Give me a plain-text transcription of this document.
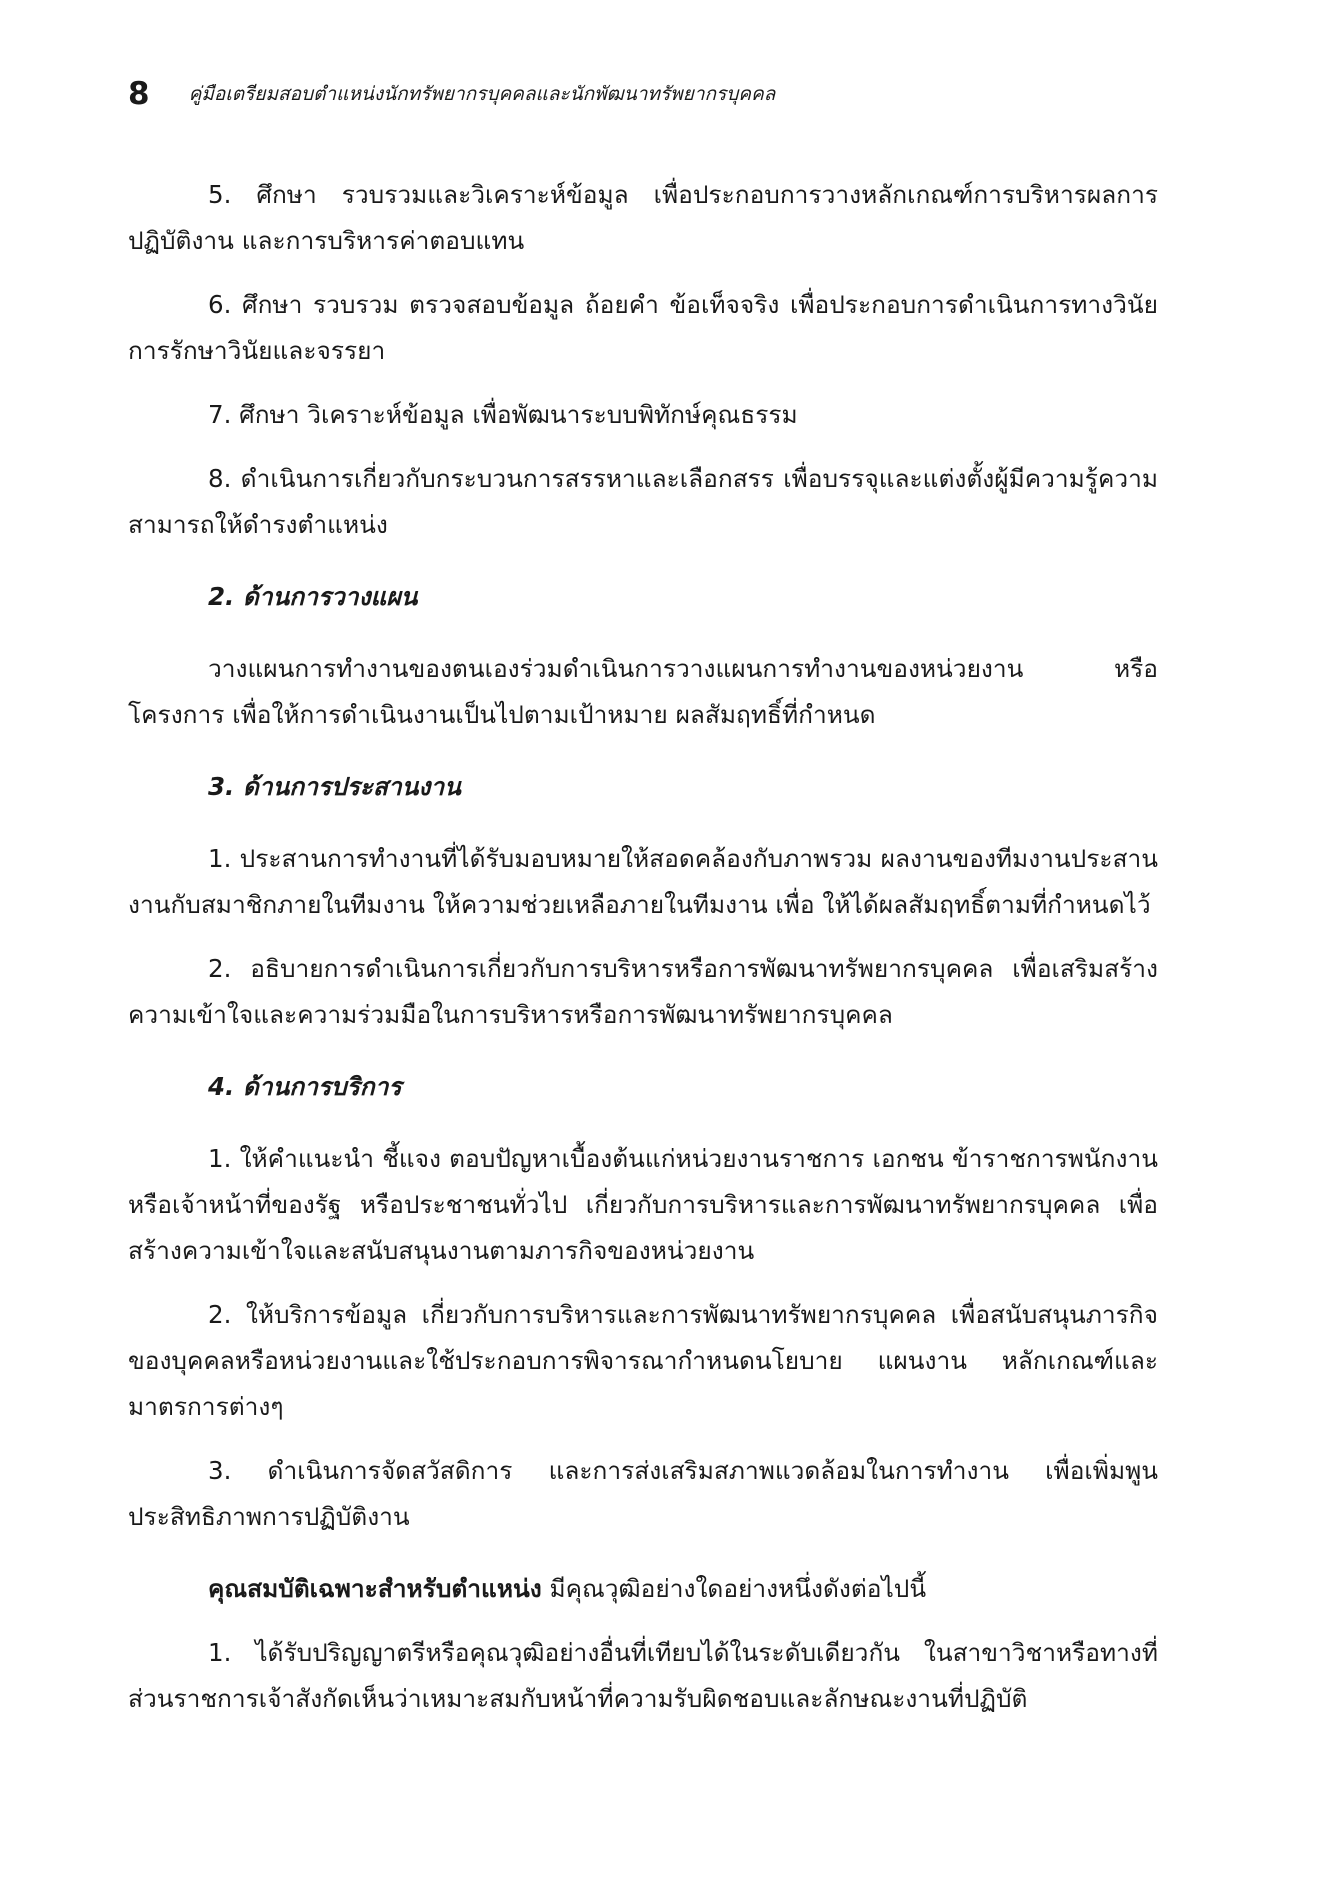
8 คู่มือเตรียมสอบตำแหน่งนักทรัพยากรบุคคลและนักพัฒนาทรัพยากรบุคคล

5. ศึกษา รวบรวมและวิเคราะห์ข้อมูล เพื่อประกอบการวางหลักเกณฑ์การบริหารผลการปฏิบัติงาน และการบริหารค่าตอบแทน

6. ศึกษา รวบรวม ตรวจสอบข้อมูล ถ้อยคำ ข้อเท็จจริง เพื่อประกอบการดำเนินการทางวินัย การรักษาวินัยและจรรยา

7. ศึกษา วิเคราะห์ข้อมูล เพื่อพัฒนาระบบพิทักษ์คุณธรรม

8. ดำเนินการเกี่ยวกับกระบวนการสรรหาและเลือกสรร เพื่อบรรจุและแต่งตั้งผู้มีความรู้ความสามารถให้ดำรงตำแหน่ง

2. ด้านการวางแผน

วางแผนการทำงานของตนเองร่วมดำเนินการวางแผนการทำงานของหน่วยงาน หรือโครงการ เพื่อให้การดำเนินงานเป็นไปตามเป้าหมาย ผลสัมฤทธิ์ที่กำหนด

3. ด้านการประสานงาน

1. ประสานการทำงานที่ได้รับมอบหมายให้สอดคล้องกับภาพรวม ผลงานของทีมงานประสานงานกับสมาชิกภายในทีมงาน ให้ความช่วยเหลือภายในทีมงาน เพื่อ ให้ได้ผลสัมฤทธิ์ตามที่กำหนดไว้

2. อธิบายการดำเนินการเกี่ยวกับการบริหารหรือการพัฒนาทรัพยากรบุคคล เพื่อเสริมสร้างความเข้าใจและความร่วมมือในการบริหารหรือการพัฒนาทรัพยากรบุคคล

4. ด้านการบริการ

1. ให้คำแนะนำ ชี้แจง ตอบปัญหาเบื้องต้นแก่หน่วยงานราชการ เอกชน ข้าราชการพนักงานหรือเจ้าหน้าที่ของรัฐ หรือประชาชนทั่วไป เกี่ยวกับการบริหารและการพัฒนาทรัพยากรบุคคล เพื่อสร้างความเข้าใจและสนับสนุนงานตามภารกิจของหน่วยงาน

2. ให้บริการข้อมูล เกี่ยวกับการบริหารและการพัฒนาทรัพยากรบุคคล เพื่อสนับสนุนภารกิจของบุคคลหรือหน่วยงานและใช้ประกอบการพิจารณากำหนดนโยบาย แผนงาน หลักเกณฑ์และมาตรการต่างๆ

3. ดำเนินการจัดสวัสดิการ และการส่งเสริมสภาพแวดล้อมในการทำงาน เพื่อเพิ่มพูนประสิทธิภาพการปฏิบัติงาน

คุณสมบัติเฉพาะสำหรับตำแหน่ง มีคุณวุฒิอย่างใดอย่างหนึ่งดังต่อไปนี้

1. ได้รับปริญญาตรีหรือคุณวุฒิอย่างอื่นที่เทียบได้ในระดับเดียวกัน ในสาขาวิชาหรือทางที่ส่วนราชการเจ้าสังกัดเห็นว่าเหมาะสมกับหน้าที่ความรับผิดชอบและลักษณะงานที่ปฏิบัติ
